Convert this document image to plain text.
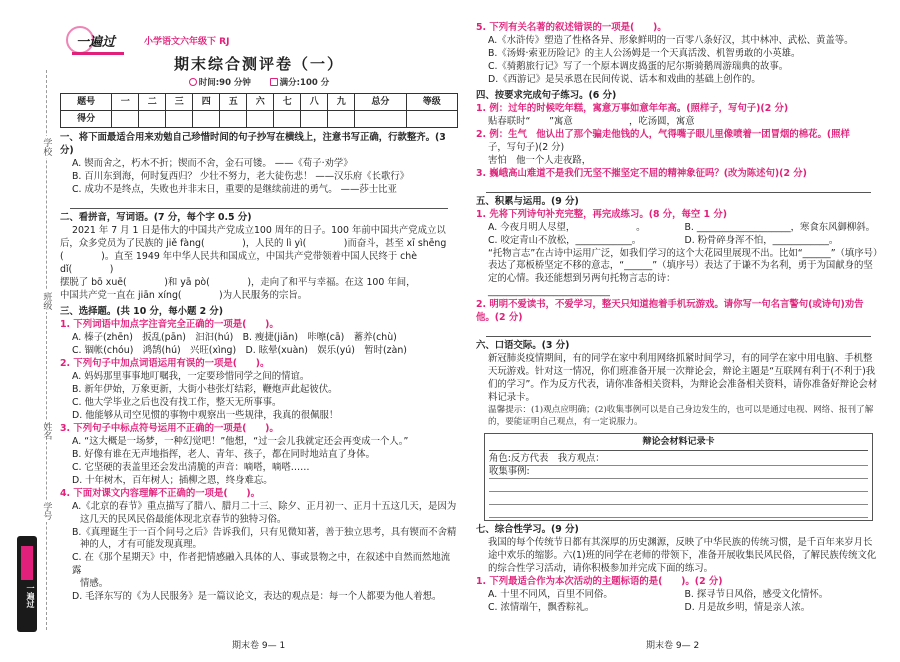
学校
班级
姓名
学号
一遍过
一遍过	小学语文六年级下 RJ
期末综合测评卷（一）
时间:90 分钟	满分:100 分
题号	一	二	三	四	五	六	七	八	九	总分	等级
得分											
一、将下面最适合用来劝勉自己珍惜时间的句子抄写在横线上，注意书写正确，行款整齐。(3 分)
A. 锲而舍之，朽木不折；锲而不舍，金石可镂。 ——《荀子·劝学》
B. 百川东到海，何时复西归？ 少壮不努力，老大徒伤悲！ ——汉乐府《长歌行》
C. 成功不是终点，失败也并非末日，重要的是继续前进的勇气。 ——莎士比亚
二、看拼音，写词语。(7 分，每个字 0.5 分)
2021 年 7 月 1 日是伟大的中国共产党成立100 周年的日子。100 年前中国共产党成立以
后，众多党员为了民族的 jiě fàng(　　　　)，人民的 lì yì(　　　　)而奋斗，甚至 xī shēng
(　　　　)。直至 1949 年中华人民共和国成立，中国共产党带领着中国人民终于 chè dǐ(　　　　)
摆脱了 bō xuē(　　　　)和 yā pò(　　　　)，走向了和平与幸福。在这 100 年间，
中国共产党一直在 jiān xíng(　　　　)为人民服务的宗旨。
三、选择题。(共 10 分，每小题 2 分)
1. 下列词语中加点字注音完全正确的一项是(　　)。
A. 榛子(zhēn)　扳乱(pān)　汩汩(hú)　B. 瘦捷(jiān)　咔嚓(cā)　蓄养(chù)
C. 锢帐(chóu)　鸿鹄(hú)　兴旺(xìng)　D. 眩晕(xuàn)　娱乐(yú)　暂时(zàn)
2. 下列句子中加点词语运用有误的一项是(　　)。
A. 妈妈那里事事地叮嘱我，一定要珍惜同学之间的情谊。
B. 新年伊始，万象更新，大街小巷张灯结彩，鞭炮声此起彼伏。
C. 他大学毕业之后也没有找工作，整天无所事事。
D. 他能够从司空见惯的事物中观察出一些规律，我真的很佩服！
3. 下列句子中标点符号运用不正确的一项是(　　)。
A. “这大概是一场梦，一种幻觉吧！”他想，“过一会儿我就定还会再变成一个人。”
B. 好像有谁在无声地指挥，老人、青年、孩子，都在同时地站直了身体。
C. 它坚硬的表盖里还会发出清脆的声音：嘀嗒，嘀嗒……
D. 十年树木，百年树人；插柳之恩，终身难忘。
4. 下面对课文内容理解不正确的一项是(　　)。
A.《北京的春节》重点描写了腊八、腊月二十三、除夕、正月初一、正月十五这几天，是因为
这几天的民风民俗最能体现北京春节的独特习俗。
B.《真理诞生于一百个问号之后》告诉我们，只有见微知著，善于独立思考，具有锲而不舍精
神的人，才有可能发现真理。
C. 在《那个星期天》中，作者把情感融入具体的人、事或景物之中，在叙述中自然而然地流露
情感。
D. 毛泽东写的《为人民服务》是一篇议论文，表达的观点是：每一个人都要为他人着想。
期末卷 9— 1
5. 下列有关名著的叙述错误的一项是(　　)。
A.《水浒传》塑造了性格各异、形象鲜明的一百零八条好汉，其中林冲、武松、黄盖等。
B.《汤姆·索亚历险记》的主人公汤姆是一个天真活泼、机智勇敢的小英雄。
C.《骑鹅旅行记》写了一个原本调皮捣蛋的尼尔斯骑鹅周游瑞典的故事。
D.《西游记》是吴承恩在民间传说、话本和戏曲的基础上创作的。
四、按要求完成句子练习。(6 分)
1. 例：过年的时候吃年糕，寓意万事如意年年高。(照样子，写句子)(2 分)
贴春联时“　　”寓意　　　　　　，吃汤圆，寓意
2. 例：生气　他认出了那个骗走他钱的人，气得嘴子眼儿里像喷着一团冒烟的棉花。(照样
子，写句子)(2 分)
害怕　他一个人走夜路，
3. 巍峨高山难道不是我们无坚不摧坚定不屈的精神象征吗？(改为陈述句)(2 分)
五、积累与运用。(9 分)
1. 先将下列诗句补充完整，再完成练习。(8 分，每空 1 分)
A. 今夜月明人尽望，　　　　　　　。	B. ____________________，寒食东风御柳斜。
C. 咬定青山不放松，____________。	D. 粉骨碎身浑不怕，____________。
“托物言志”在古诗中运用广泛，如我们学习的这个大花园里展现不出。比如“______”（填序号）表达了郑板桥坚定不移的意志，“______”（填序号）表达了于谦不为名利，勇于为国献身的坚定的心情。我还能想到另两句托物言志的诗：
__________________________
2. 明明不爱读书，不爱学习，整天只知道抱着手机玩游戏。请你写一句名言警句(或诗句)劝告他。(2 分)
六、口语交际。(3 分)
新冠肺炎疫情期间，有的同学在家中利用网络抓紧时间学习，有的同学在家中用电脑、手机整天玩游戏。针对这一情况，你们班准备开展一次辩论会，辩论主题是“互联网有利于(不利于)我们的学习”。作为反方代表，请你准备相关资料，为辩论会准备相关资料，请你准备好辩论会材料记录卡。
温馨提示：(1)观点应明确；(2)收集事例可以是自己身边发生的，也可以是通过电视、网络、报刊了解的，要能证明自己观点，有一定说服力。
辩论会材料记录卡
角色:反方代表　我方观点：
收集事例:
七、综合性学习。(9 分)
我国的每个传统节日都有其深厚的历史渊源，反映了中华民族的传统习惯，是千百年来岁月长途中欢乐的缩影。六(1)班的同学在老师的带领下，准备开展收集民风民俗，了解民族传统文化的综合性学习活动，请你积极参加并完成下面的练习。
1. 下列最适合作为本次活动的主题标语的是(　　)。(2 分)
A. 十里不同风，百里不同俗。	B. 探寻节日风俗，感受文化情怀。
C. 浓情端午，飘香粽礼。	D. 月是故乡明，情是亲人浓。
期末卷 9— 2
